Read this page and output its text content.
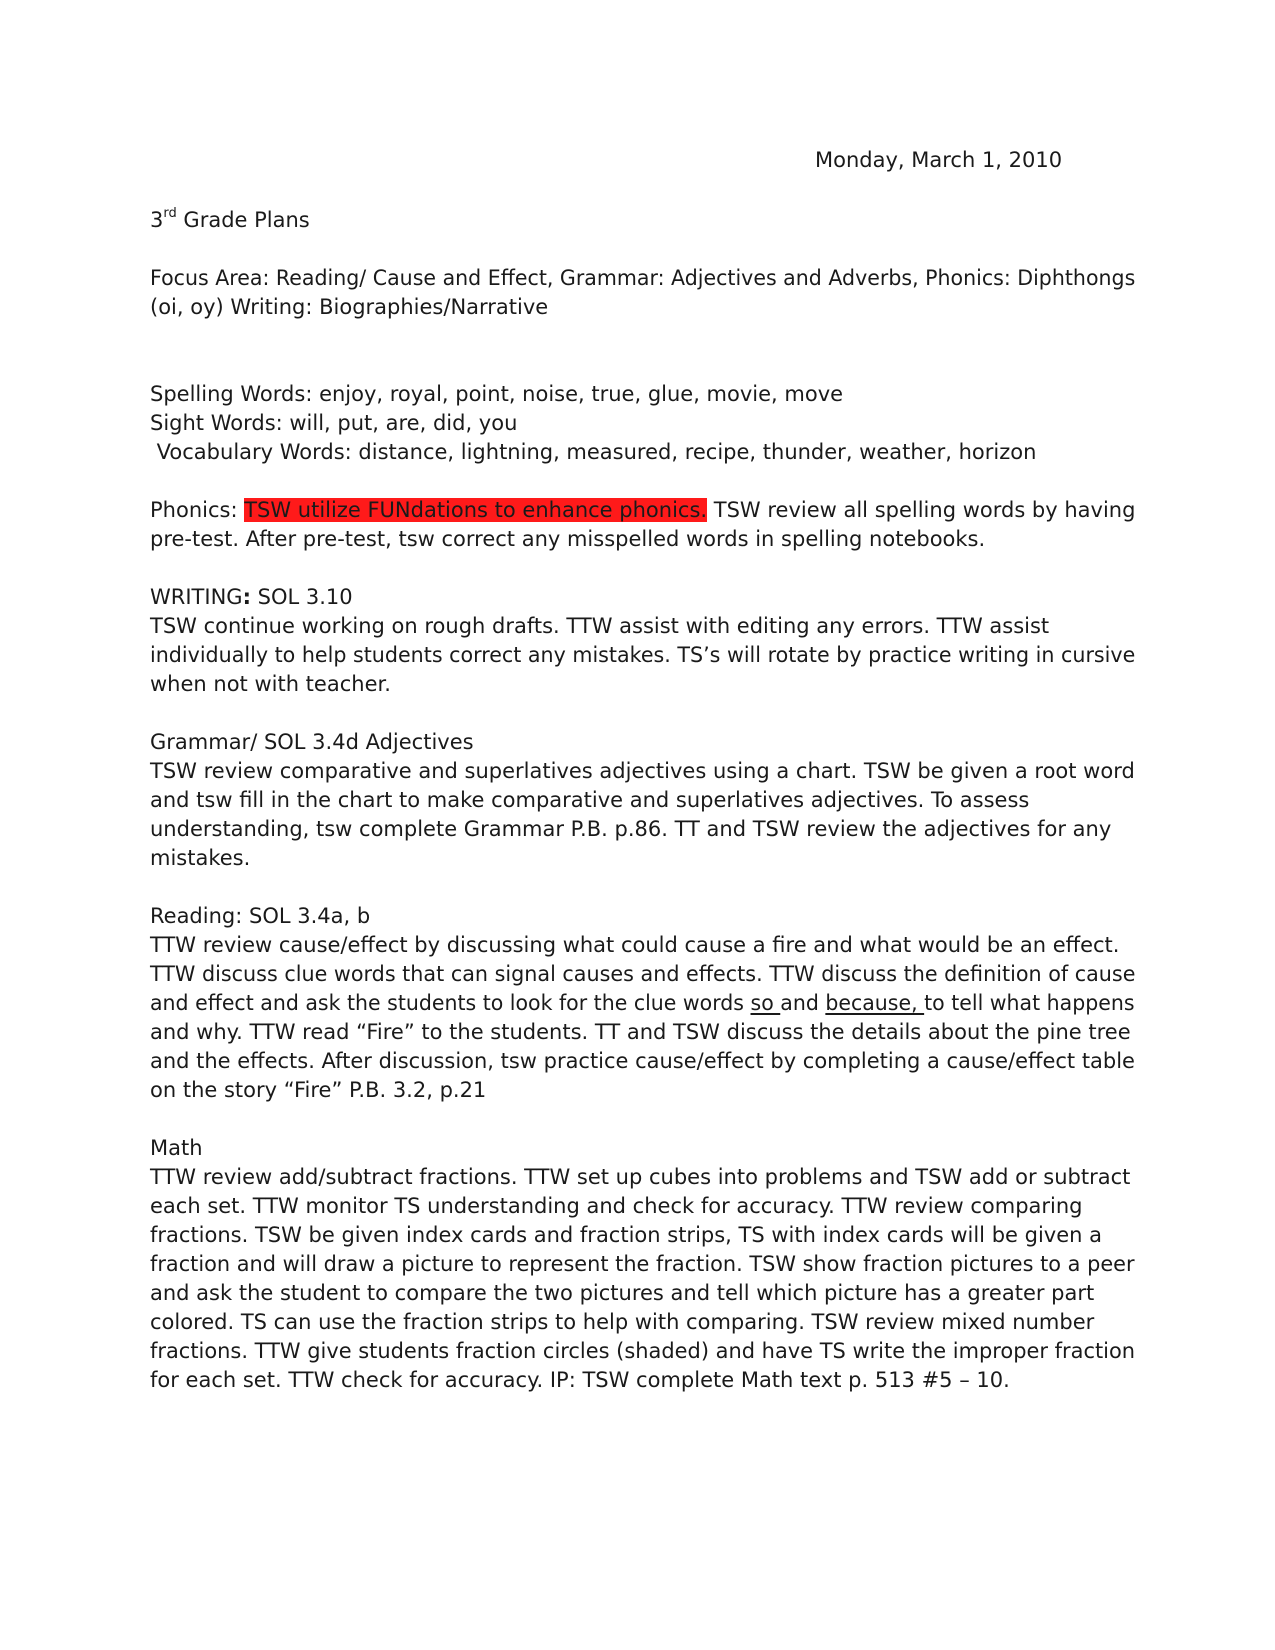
Monday, March 1, 2010
3rd Grade Plans
Focus Area: Reading/ Cause and Effect, Grammar: Adjectives and Adverbs, Phonics: Diphthongs
(oi, oy) Writing: Biographies/Narrative
Spelling Words: enjoy, royal, point, noise, true, glue, movie, move
Sight Words: will, put, are, did, you
Vocabulary Words: distance, lightning, measured, recipe, thunder, weather, horizon
Phonics: TSW utilize FUNdations to enhance phonics. TSW review all spelling words by having
pre-test. After pre-test, tsw correct any misspelled words in spelling notebooks.
WRITING: SOL 3.10
TSW continue working on rough drafts. TTW assist with editing any errors. TTW assist
individually to help students correct any mistakes. TS’s will rotate by practice writing in cursive
when not with teacher.
Grammar/ SOL 3.4d Adjectives
TSW review comparative and superlatives adjectives using a chart. TSW be given a root word
and tsw fill in the chart to make comparative and superlatives adjectives. To assess
understanding, tsw complete Grammar P.B. p.86. TT and TSW review the adjectives for any
mistakes.
Reading: SOL 3.4a, b
TTW review cause/effect by discussing what could cause a fire and what would be an effect.
TTW discuss clue words that can signal causes and effects. TTW discuss the definition of cause
and effect and ask the students to look for the clue words so and because, to tell what happens
and why. TTW read “Fire” to the students. TT and TSW discuss the details about the pine tree
and the effects. After discussion, tsw practice cause/effect by completing a cause/effect table
on the story “Fire” P.B. 3.2, p.21
Math
TTW review add/subtract fractions. TTW set up cubes into problems and TSW add or subtract
each set. TTW monitor TS understanding and check for accuracy. TTW review comparing
fractions. TSW be given index cards and fraction strips, TS with index cards will be given a
fraction and will draw a picture to represent the fraction. TSW show fraction pictures to a peer
and ask the student to compare the two pictures and tell which picture has a greater part
colored. TS can use the fraction strips to help with comparing. TSW review mixed number
fractions. TTW give students fraction circles (shaded) and have TS write the improper fraction
for each set. TTW check for accuracy. IP: TSW complete Math text p. 513 #5 – 10.
